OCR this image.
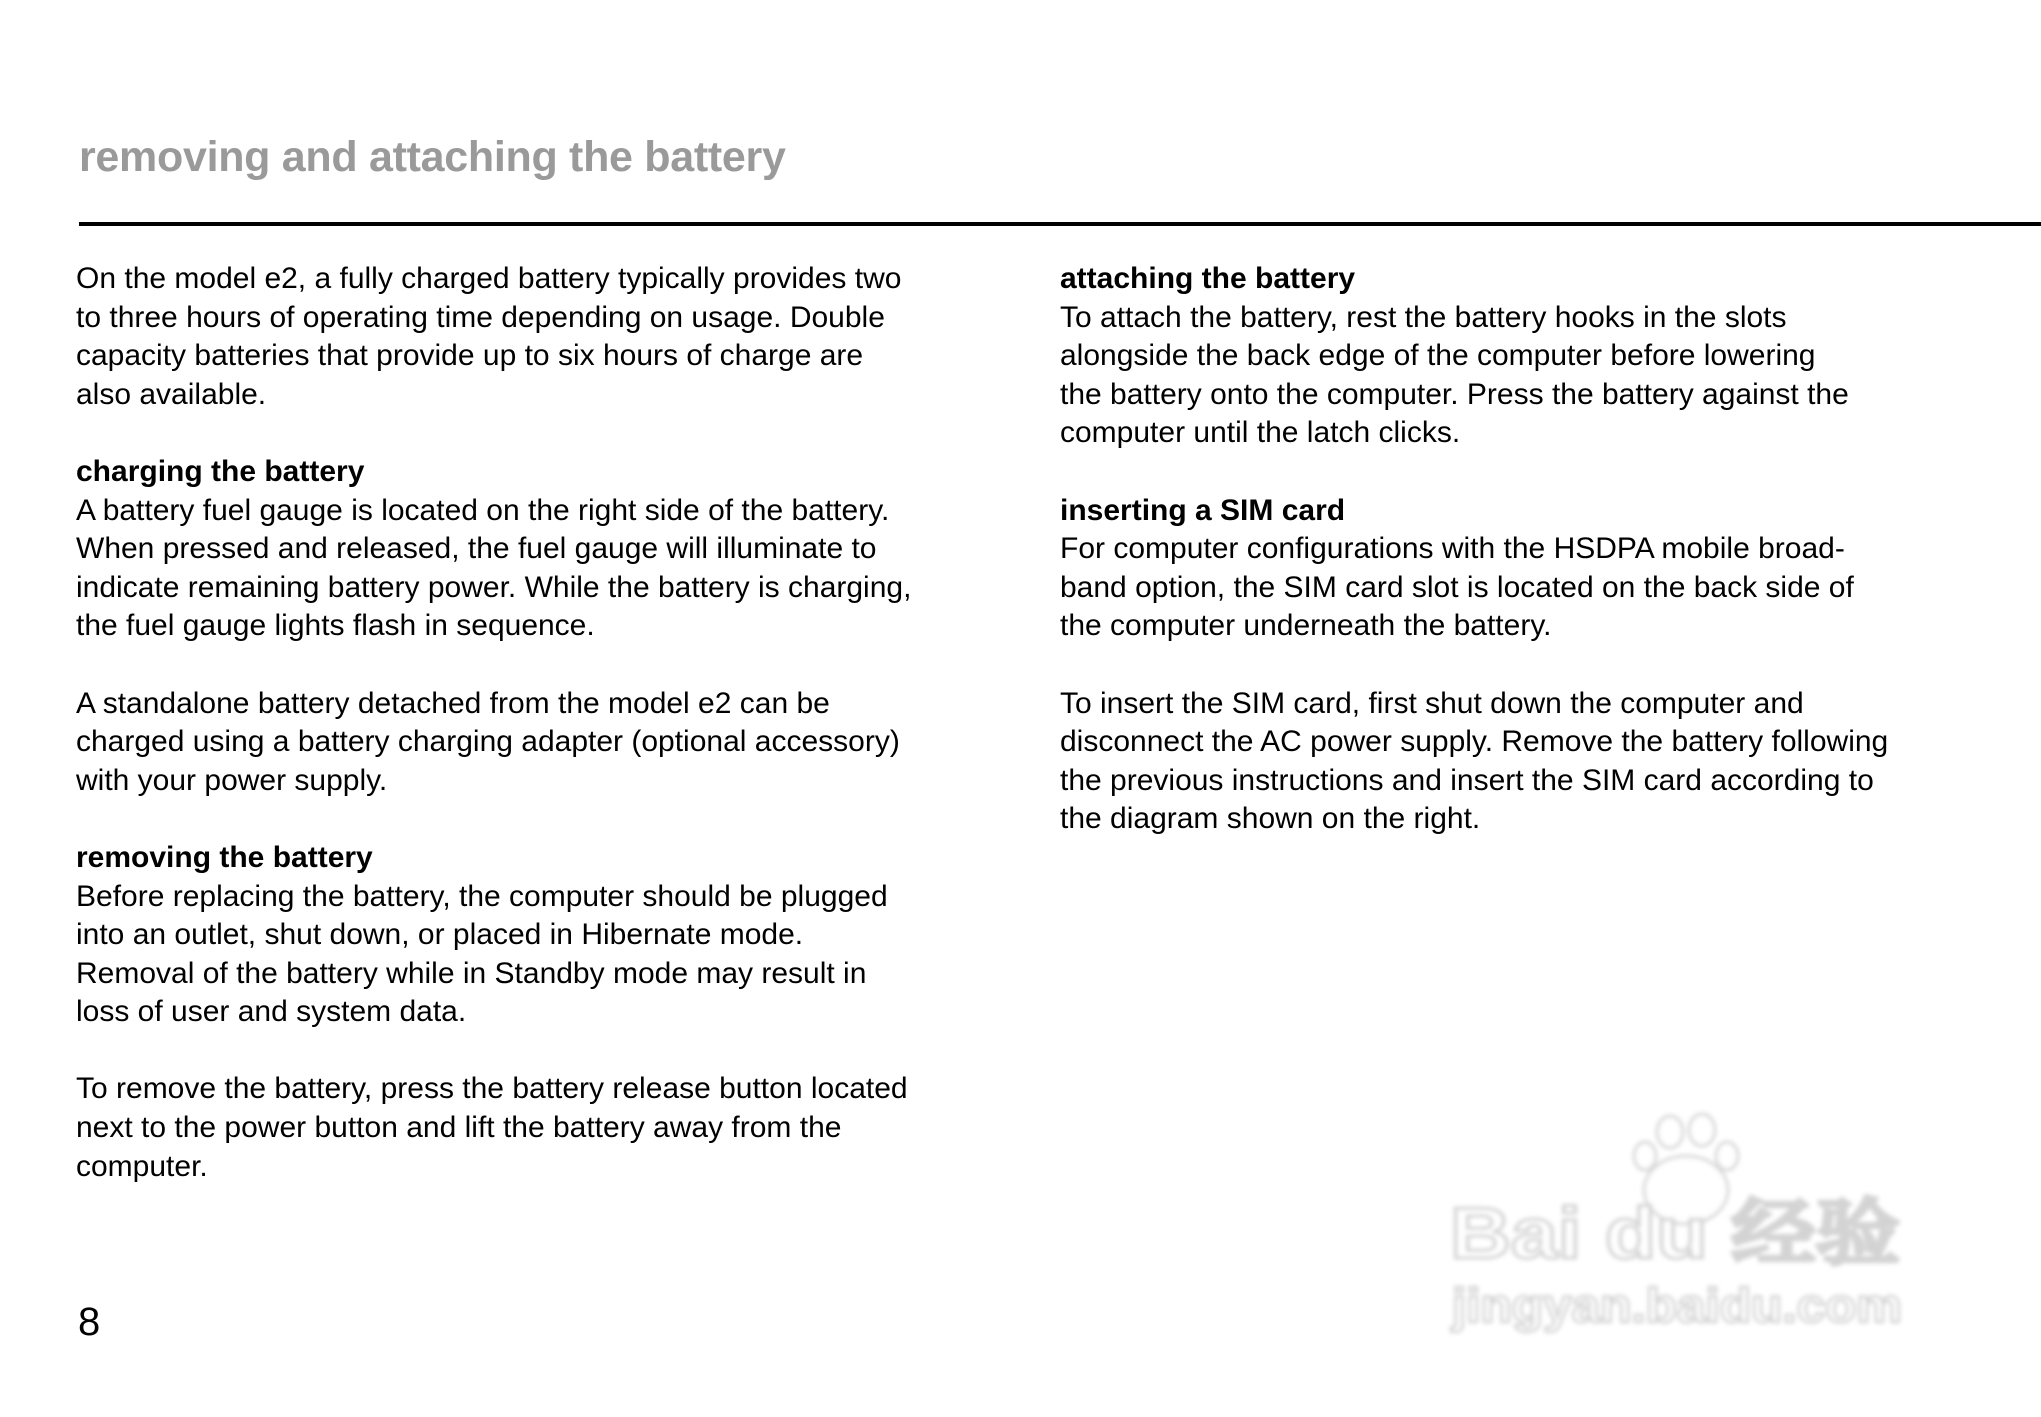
removing and attaching the battery

On the model e2, a fully charged battery typically provides two
to three hours of operating time depending on usage. Double
capacity batteries that provide up to six hours of charge are
also available.

charging the battery

A battery fuel gauge is located on the right side of the battery.
When pressed and released, the fuel gauge will illuminate to
indicate remaining battery power. While the battery is charging,
the fuel gauge lights flash in sequence.

A standalone battery detached from the model e2 can be
charged using a battery charging adapter (optional accessory)
with your power supply.

removing the battery

Before replacing the battery, the computer should be plugged
into an outlet, shut down, or placed in Hibernate mode.
Removal of the battery while in Standby mode may result in
loss of user and system data.

To remove the battery, press the battery release button located
next to the power button and lift the battery away from the
computer.

attaching the battery

To attach the battery, rest the battery hooks in the slots
alongside the back edge of the computer before lowering
the battery onto the computer. Press the battery against the
computer until the latch clicks.

inserting a SIM card

For computer configurations with the HSDPA mobile broad-
band option, the SIM card slot is located on the back side of
the computer underneath the battery.

To insert the SIM card, first shut down the computer and
disconnect the AC power supply. Remove the battery following
the previous instructions and insert the SIM card according to
the diagram shown on the right.

8
Bai du 经验
jingyan.baidu.com
